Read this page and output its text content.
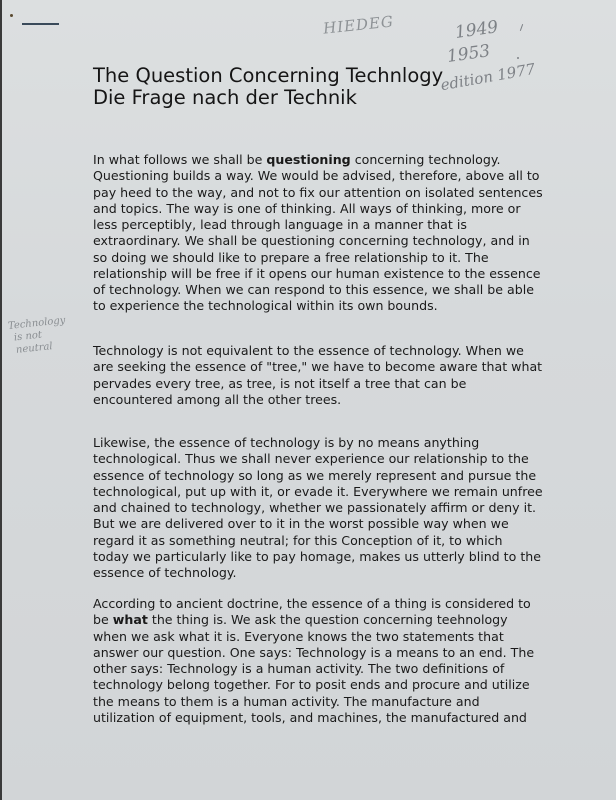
HIEDEG	1949
1953
edition 1977
Technology
is not
neutral
The Question Concerning Technlogy
Die Frage nach der Technik
In what follows we shall be questioning concerning technology.
Questioning builds a way. We would be advised, therefore, above all to
pay heed to the way, and not to fix our attention on isolated sentences
and topics. The way is one of thinking. All ways of thinking, more or
less perceptibly, lead through language in a manner that is
extraordinary. We shall be questioning concerning technology, and in
so doing we should like to prepare a free relationship to it. The
relationship will be free if it opens our human existence to the essence
of technology. When we can respond to this essence, we shall be able
to experience the technological within its own bounds.
Technology is not equivalent to the essence of technology. When we
are seeking the essence of "tree," we have to become aware that what
pervades every tree, as tree, is not itself a tree that can be
encountered among all the other trees.
Likewise, the essence of technology is by no means anything
technological. Thus we shall never experience our relationship to the
essence of technology so long as we merely represent and pursue the
technological, put up with it, or evade it. Everywhere we remain unfree
and chained to technology, whether we passionately affirm or deny it.
But we are delivered over to it in the worst possible way when we
regard it as something neutral; for this Conception of it, to which
today we particularly like to pay homage, makes us utterly blind to the
essence of technology.
According to ancient doctrine, the essence of a thing is considered to
be what the thing is. We ask the question concerning teehnology
when we ask what it is. Everyone knows the two statements that
answer our question. One says: Technology is a means to an end. The
other says: Technology is a human activity. The two definitions of
technology belong together. For to posit ends and procure and utilize
the means to them is a human activity. The manufacture and
utilization of equipment, tools, and machines, the manufactured and
